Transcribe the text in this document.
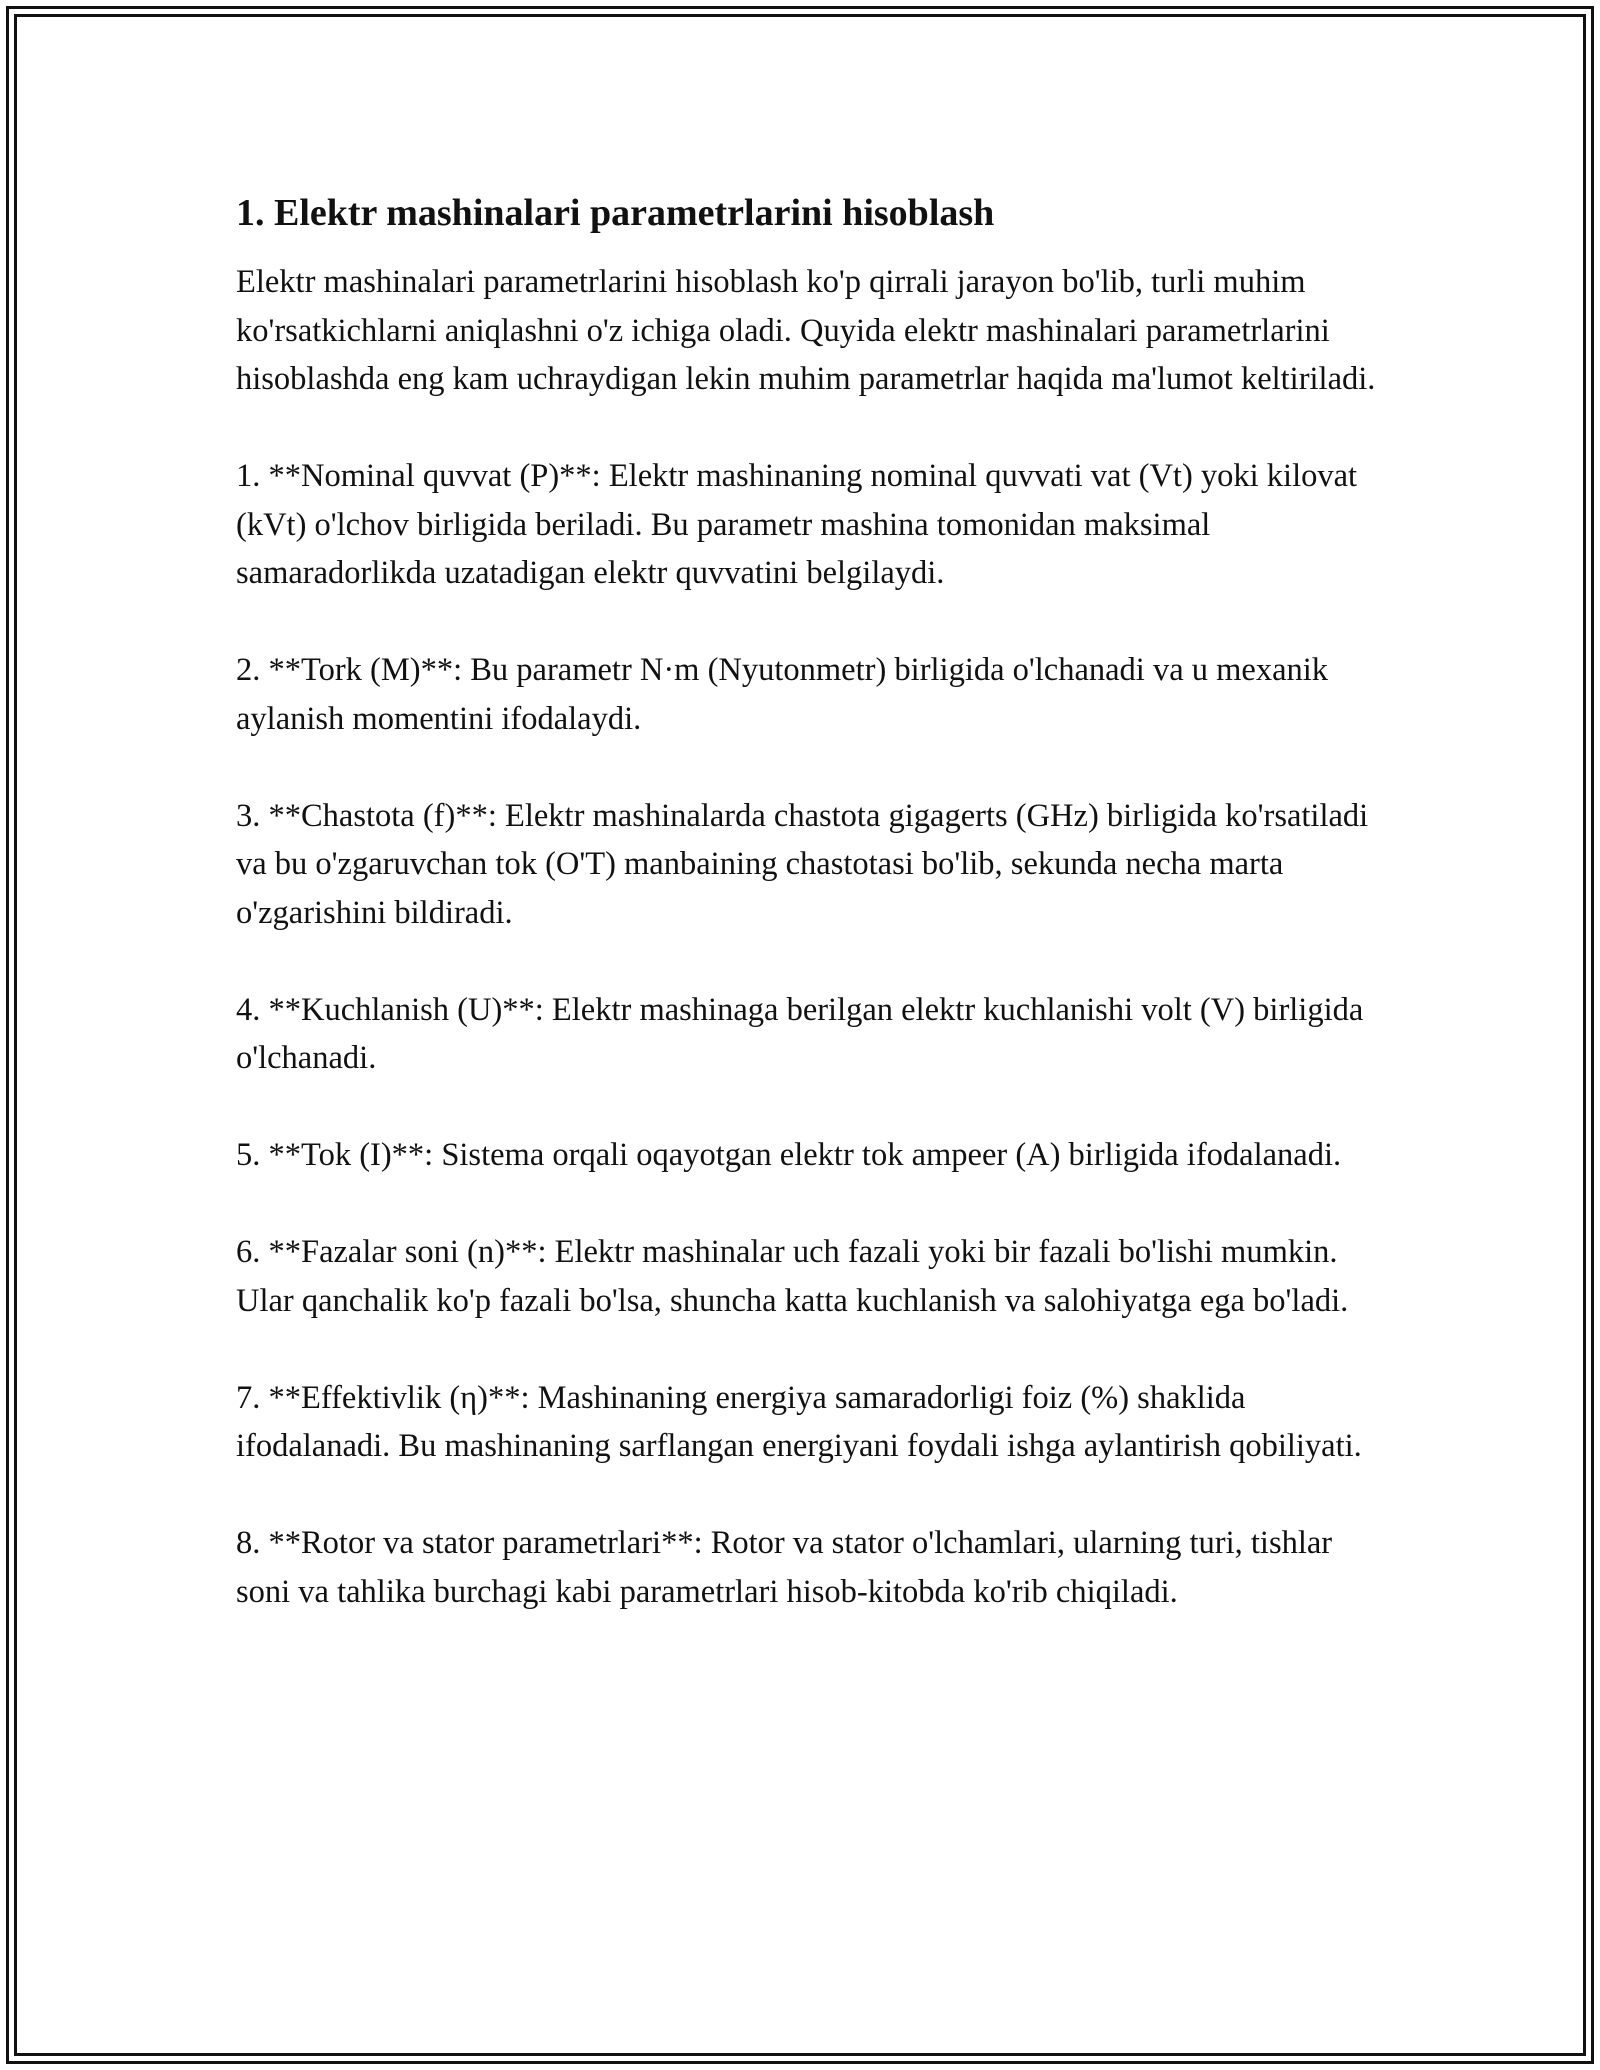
1. Elektr mashinalari parametrlarini hisoblash

Elektr mashinalari parametrlarini hisoblash ko'p qirrali jarayon bo'lib, turli muhim ko'rsatkichlarni aniqlashni o'z ichiga oladi. Quyida elektr mashinalari parametrlarini hisoblashda eng kam uchraydigan lekin muhim parametrlar haqida ma'lumot keltiriladi.

1. **Nominal quvvat (P)**: Elektr mashinaning nominal quvvati vat (Vt) yoki kilovat (kVt) o'lchov birligida beriladi. Bu parametr mashina tomonidan maksimal samaradorlikda uzatadigan elektr quvvatini belgilaydi.

2. **Tork (M)**: Bu parametr N·m (Nyutonmetr) birligida o'lchanadi va u mexanik aylanish momentini ifodalaydi.

3. **Chastota (f)**: Elektr mashinalarda chastota gigagerts (GHz) birligida ko'rsatiladi va bu o'zgaruvchan tok (O'T) manbaining chastotasi bo'lib, sekunda necha marta o'zgarishini bildiradi.

4. **Kuchlanish (U)**: Elektr mashinaga berilgan elektr kuchlanishi volt (V) birligida o'lchanadi.

5. **Tok (I)**: Sistema orqali oqayotgan elektr tok ampeer (A) birligida ifodalanadi.

6. **Fazalar soni (n)**: Elektr mashinalar uch fazali yoki bir fazali bo'lishi mumkin. Ular qanchalik ko'p fazali bo'lsa, shuncha katta kuchlanish va salohiyatga ega bo'ladi.

7. **Effektivlik (η)**: Mashinaning energiya samaradorligi foiz (%) shaklida ifodalanadi. Bu mashinaning sarflangan energiyani foydali ishga aylantirish qobiliyati.

8. **Rotor va stator parametrlari**: Rotor va stator o'lchamlari, ularning turi, tishlar soni va tahlika burchagi kabi parametrlari hisob-kitobda ko'rib chiqiladi.
